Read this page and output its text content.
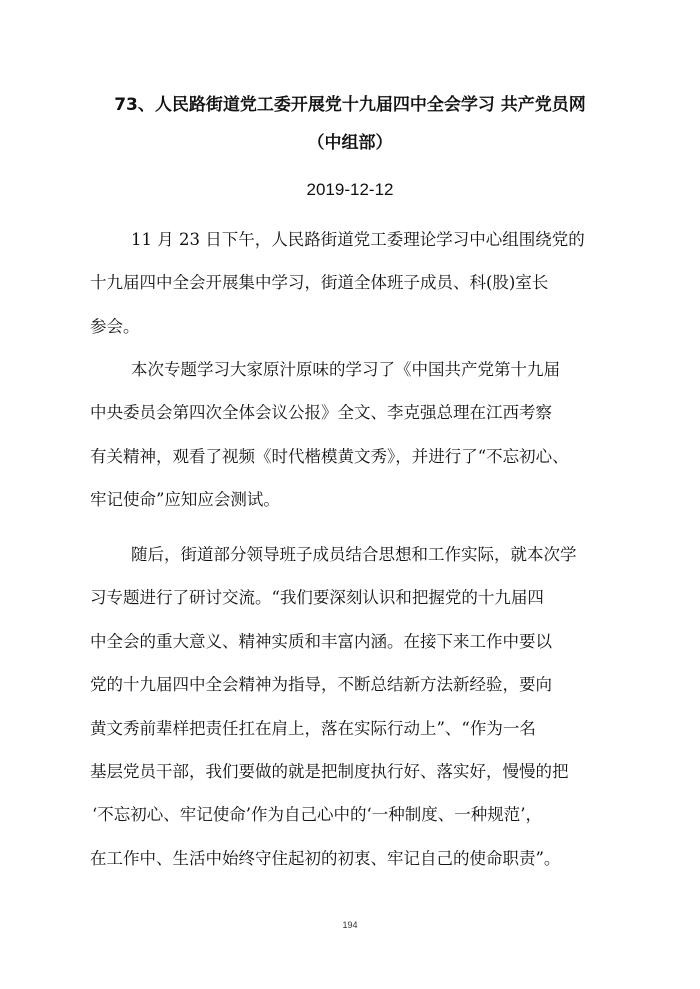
73、人民路街道党工委开展党十九届四中全会学习 共产党员网
（中组部）
2019-12-12
11 月 23 日下午，人民路街道党工委理论学习中心组围绕党的
十九届四中全会开展集中学习，街道全体班子成员、科(股)室长
参会。
本次专题学习大家原汁原味的学习了《中国共产党第十九届
中央委员会第四次全体会议公报》全文、李克强总理在江西考察
有关精神，观看了视频《时代楷模黄文秀》，并进行了“不忘初心、
牢记使命”应知应会测试。
随后，街道部分领导班子成员结合思想和工作实际，就本次学
习专题进行了研讨交流。“我们要深刻认识和把握党的十九届四
中全会的重大意义、精神实质和丰富内涵。在接下来工作中要以
党的十九届四中全会精神为指导，不断总结新方法新经验，要向
黄文秀前辈样把责任扛在肩上，落在实际行动上”、“作为一名
基层党员干部，我们要做的就是把制度执行好、落实好，慢慢的把
‘不忘初心、牢记使命’作为自己心中的‘一种制度、一种规范’，
在工作中、生活中始终守住起初的初衷、牢记自己的使命职责”。
194
